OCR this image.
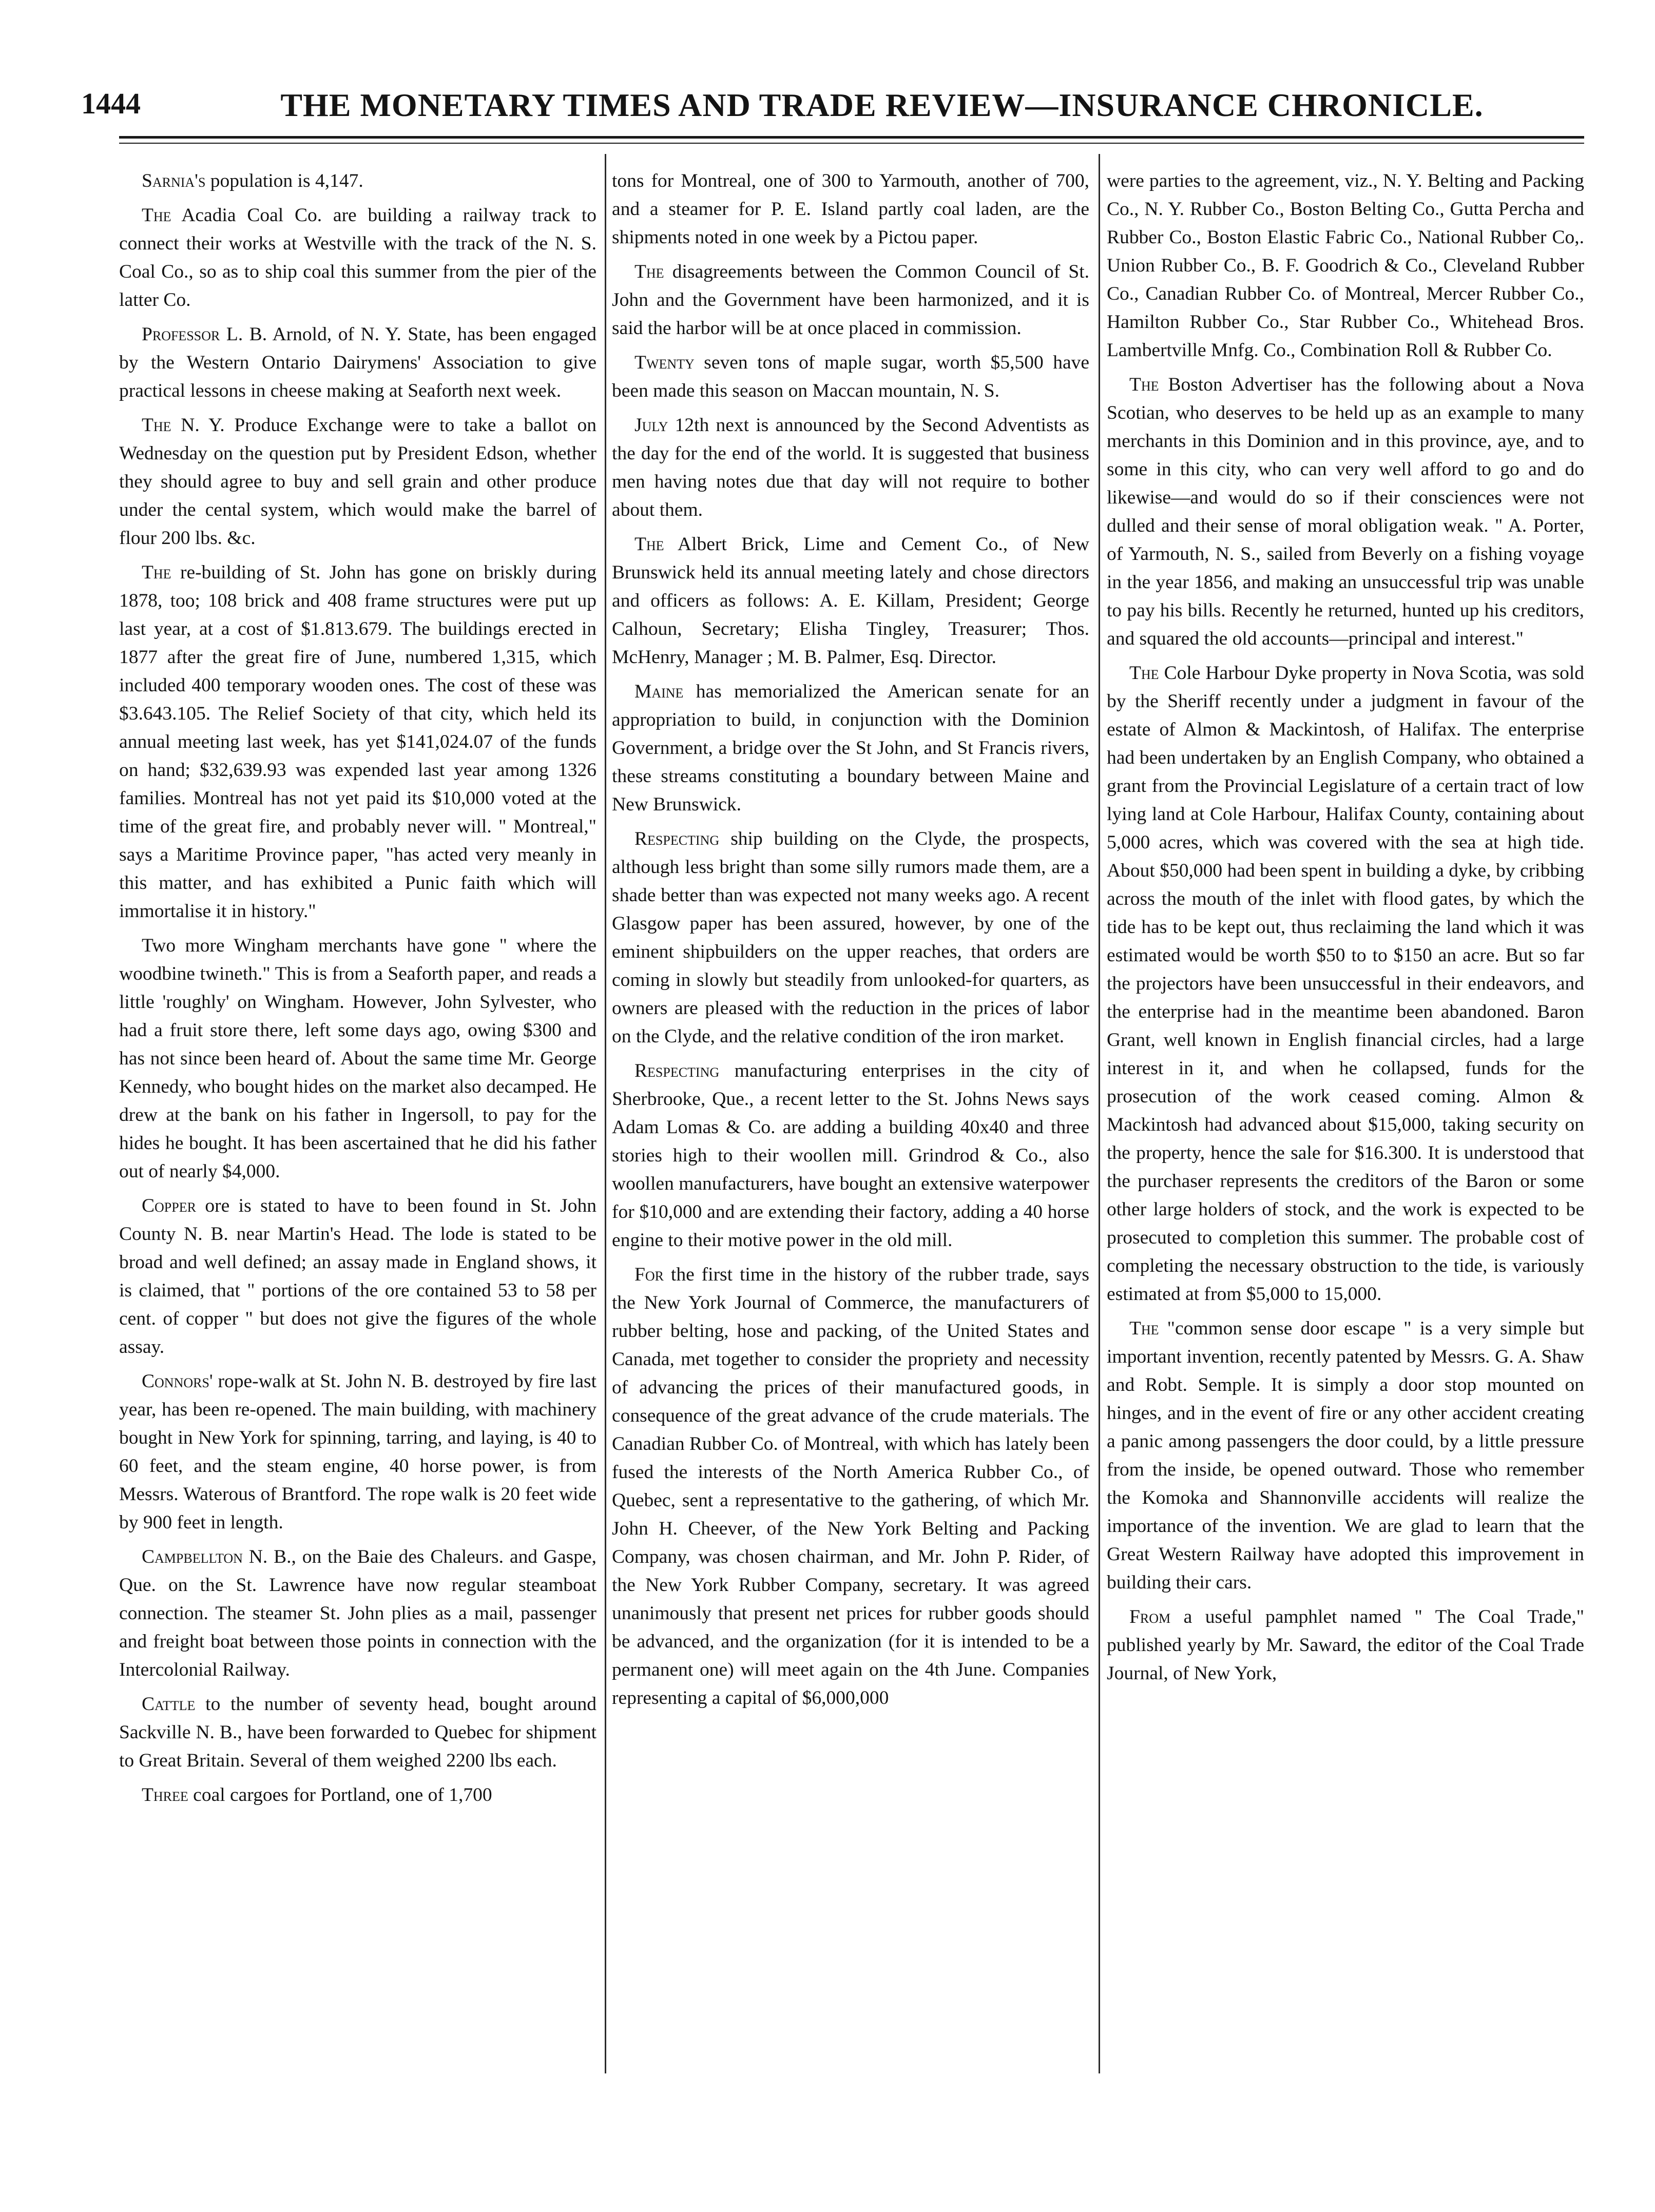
1444	THE MONETARY TIMES AND TRADE REVIEW—INSURANCE CHRONICLE.

Sarnia's population is 4,147.

The Acadia Coal Co. are building a railway track to connect their works at Westville with the track of the N. S. Coal Co., so as to ship coal this summer from the pier of the latter Co.

Professor L. B. Arnold, of N. Y. State, has been engaged by the Western Ontario Dairymens' Association to give practical lessons in cheese making at Seaforth next week.

The N. Y. Produce Exchange were to take a ballot on Wednesday on the question put by President Edson, whether they should agree to buy and sell grain and other produce under the cental system, which would make the barrel of flour 200 lbs. &c.

The re-building of St. John has gone on briskly during 1878, too; 108 brick and 408 frame structures were put up last year, at a cost of $1.813.679. The buildings erected in 1877 after the great fire of June, numbered 1,315, which included 400 temporary wooden ones. The cost of these was $3.643.105. The Relief Society of that city, which held its annual meeting last week, has yet $141,024.07 of the funds on hand; $32,639.93 was expended last year among 1326 families. Montreal has not yet paid its $10,000 voted at the time of the great fire, and probably never will. " Montreal," says a Maritime Province paper, "has acted very meanly in this matter, and has exhibited a Punic faith which will immortalise it in history."

Two more Wingham merchants have gone " where the woodbine twineth." This is from a Seaforth paper, and reads a little 'roughly' on Wingham. However, John Sylvester, who had a fruit store there, left some days ago, owing $300 and has not since been heard of. About the same time Mr. George Kennedy, who bought hides on the market also decamped. He drew at the bank on his father in Ingersoll, to pay for the hides he bought. It has been ascertained that he did his father out of nearly $4,000.

Copper ore is stated to have to been found in St. John County N. B. near Martin's Head. The lode is stated to be broad and well defined; an assay made in England shows, it is claimed, that " portions of the ore contained 53 to 58 per cent. of copper " but does not give the figures of the whole assay.

Connors' rope-walk at St. John N. B. destroyed by fire last year, has been re-opened. The main building, with machinery bought in New York for spinning, tarring, and laying, is 40 to 60 feet, and the steam engine, 40 horse power, is from Messrs. Waterous of Brantford. The rope walk is 20 feet wide by 900 feet in length.

Campbellton N. B., on the Baie des Chaleurs. and Gaspe, Que. on the St. Lawrence have now regular steamboat connection. The steamer St. John plies as a mail, passenger and freight boat between those points in connection with the Intercolonial Railway.

Cattle to the number of seventy head, bought around Sackville N. B., have been forwarded to Quebec for shipment to Great Britain. Several of them weighed 2200 lbs each.

Three coal cargoes for Portland, one of 1,700

tons for Montreal, one of 300 to Yarmouth, another of 700, and a steamer for P. E. Island partly coal laden, are the shipments noted in one week by a Pictou paper.

The disagreements between the Common Council of St. John and the Government have been harmonized, and it is said the harbor will be at once placed in commission.

Twenty seven tons of maple sugar, worth $5,500 have been made this season on Maccan mountain, N. S.

July 12th next is announced by the Second Adventists as the day for the end of the world. It is suggested that business men having notes due that day will not require to bother about them.

The Albert Brick, Lime and Cement Co., of New Brunswick held its annual meeting lately and chose directors and officers as follows: A. E. Killam, President; George Calhoun, Secretary; Elisha Tingley, Treasurer; Thos. McHenry, Manager ; M. B. Palmer, Esq. Director.

Maine has memorialized the American senate for an appropriation to build, in conjunction with the Dominion Government, a bridge over the St John, and St Francis rivers, these streams constituting a boundary between Maine and New Brunswick.

Respecting ship building on the Clyde, the prospects, although less bright than some silly rumors made them, are a shade better than was expected not many weeks ago. A recent Glasgow paper has been assured, however, by one of the eminent shipbuilders on the upper reaches, that orders are coming in slowly but steadily from unlooked-for quarters, as owners are pleased with the reduction in the prices of labor on the Clyde, and the relative condition of the iron market.

Respecting manufacturing enterprises in the city of Sherbrooke, Que., a recent letter to the St. Johns News says Adam Lomas & Co. are adding a building 40x40 and three stories high to their woollen mill. Grindrod & Co., also woollen manufacturers, have bought an extensive waterpower for $10,000 and are extending their factory, adding a 40 horse engine to their motive power in the old mill.

For the first time in the history of the rubber trade, says the New York Journal of Commerce, the manufacturers of rubber belting, hose and packing, of the United States and Canada, met together to consider the propriety and necessity of advancing the prices of their manufactured goods, in consequence of the great advance of the crude materials. The Canadian Rubber Co. of Montreal, with which has lately been fused the interests of the North America Rubber Co., of Quebec, sent a representative to the gathering, of which Mr. John H. Cheever, of the New York Belting and Packing Company, was chosen chairman, and Mr. John P. Rider, of the New York Rubber Company, secretary. It was agreed unanimously that present net prices for rubber goods should be advanced, and the organization (for it is intended to be a permanent one) will meet again on the 4th June. Companies representing a capital of $6,000,000

were parties to the agreement, viz., N. Y. Belting and Packing Co., N. Y. Rubber Co., Boston Belting Co., Gutta Percha and Rubber Co., Boston Elastic Fabric Co., National Rubber Co,. Union Rubber Co., B. F. Goodrich & Co., Cleveland Rubber Co., Canadian Rubber Co. of Montreal, Mercer Rubber Co., Hamilton Rubber Co., Star Rubber Co., Whitehead Bros. Lambertville Mnfg. Co., Combination Roll & Rubber Co.

The Boston Advertiser has the following about a Nova Scotian, who deserves to be held up as an example to many merchants in this Dominion and in this province, aye, and to some in this city, who can very well afford to go and do likewise—and would do so if their consciences were not dulled and their sense of moral obligation weak. " A. Porter, of Yarmouth, N. S., sailed from Beverly on a fishing voyage in the year 1856, and making an unsuccessful trip was unable to pay his bills. Recently he returned, hunted up his creditors, and squared the old accounts—principal and interest."

The Cole Harbour Dyke property in Nova Scotia, was sold by the Sheriff recently under a judgment in favour of the estate of Almon & Mackintosh, of Halifax. The enterprise had been undertaken by an English Company, who obtained a grant from the Provincial Legislature of a certain tract of low lying land at Cole Harbour, Halifax County, containing about 5,000 acres, which was covered with the sea at high tide. About $50,000 had been spent in building a dyke, by cribbing across the mouth of the inlet with flood gates, by which the tide has to be kept out, thus reclaiming the land which it was estimated would be worth $50 to to $150 an acre. But so far the projectors have been unsuccessful in their endeavors, and the enterprise had in the meantime been abandoned. Baron Grant, well known in English financial circles, had a large interest in it, and when he collapsed, funds for the prosecution of the work ceased coming. Almon & Mackintosh had advanced about $15,000, taking security on the property, hence the sale for $16.300. It is understood that the purchaser represents the creditors of the Baron or some other large holders of stock, and the work is expected to be prosecuted to completion this summer. The probable cost of completing the necessary obstruction to the tide, is variously estimated at from $5,000 to 15,000.

The "common sense door escape " is a very simple but important invention, recently patented by Messrs. G. A. Shaw and Robt. Semple. It is simply a door stop mounted on hinges, and in the event of fire or any other accident creating a panic among passengers the door could, by a little pressure from the inside, be opened outward. Those who remember the Komoka and Shannonville accidents will realize the importance of the invention. We are glad to learn that the Great Western Railway have adopted this improvement in building their cars.

From a useful pamphlet named " The Coal Trade," published yearly by Mr. Saward, the editor of the Coal Trade Journal, of New York,
